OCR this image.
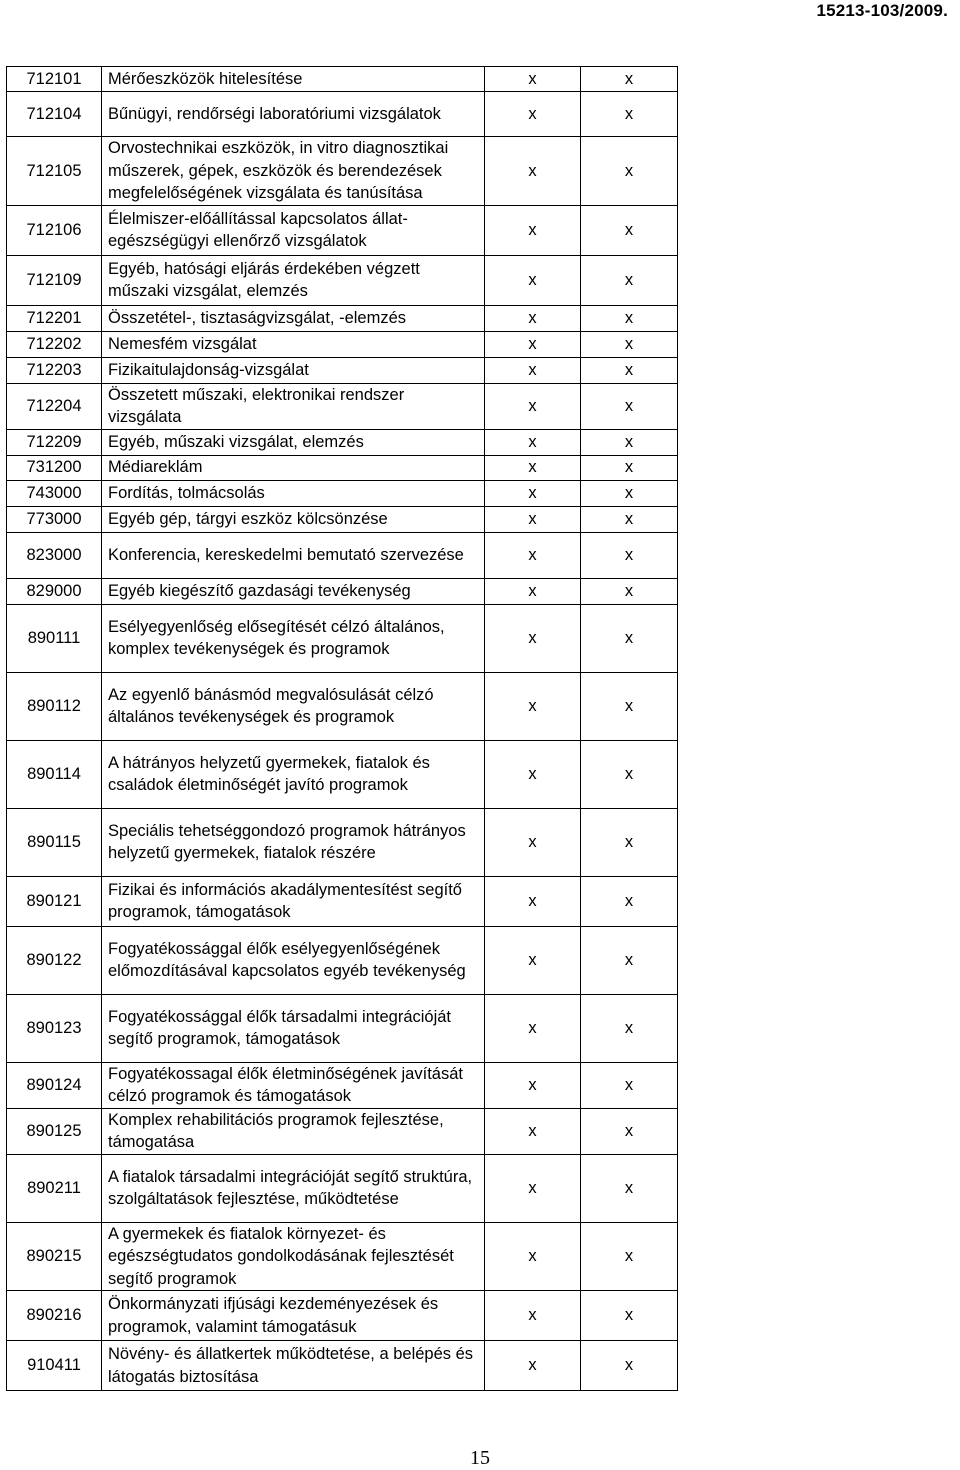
15213-103/2009.
712101	Mérőeszközök hitelesítése	x	x
712104	Bűnügyi, rendőrségi laboratóriumi vizsgálatok	x	x
712105	Orvostechnikai eszközök, in vitro diagnosztikai műszerek, gépek, eszközök és berendezések megfelelőségének vizsgálata és tanúsítása	x	x
712106	Élelmiszer-előállítással kapcsolatos állat-egészségügyi ellenőrző vizsgálatok	x	x
712109	Egyéb, hatósági eljárás érdekében végzett műszaki vizsgálat, elemzés	x	x
712201	Összetétel-, tisztaságvizsgálat, -elemzés	x	x
712202	Nemesfém vizsgálat	x	x
712203	Fizikaitulajdonság-vizsgálat	x	x
712204	Összetett műszaki, elektronikai rendszer vizsgálata	x	x
712209	Egyéb, műszaki vizsgálat, elemzés	x	x
731200	Médiareklám	x	x
743000	Fordítás, tolmácsolás	x	x
773000	Egyéb gép, tárgyi eszköz kölcsönzése	x	x
823000	Konferencia, kereskedelmi bemutató szervezése	x	x
829000	Egyéb kiegészítő gazdasági tevékenység	x	x
890111	Esélyegyenlőség elősegítését célzó általános, komplex tevékenységek és programok	x	x
890112	Az egyenlő bánásmód megvalósulását célzó általános tevékenységek és programok	x	x
890114	A hátrányos helyzetű gyermekek, fiatalok és családok életminőségét javító programok	x	x
890115	Speciális tehetséggondozó programok hátrányos helyzetű gyermekek, fiatalok részére	x	x
890121	Fizikai és információs akadálymentesítést segítő programok, támogatások	x	x
890122	Fogyatékossággal élők esélyegyenlőségének előmozdításával kapcsolatos egyéb tevékenység	x	x
890123	Fogyatékossággal élők társadalmi integrációját segítő programok, támogatások	x	x
890124	Fogyatékossagal élők életminőségének javítását célzó programok és támogatások	x	x
890125	Komplex rehabilitációs programok fejlesztése, támogatása	x	x
890211	A fiatalok társadalmi integrációját segítő struktúra, szolgáltatások fejlesztése, működtetése	x	x
890215	A gyermekek és fiatalok környezet- és egészségtudatos gondolkodásának fejlesztését segítő programok	x	x
890216	Önkormányzati ifjúsági kezdeményezések és programok, valamint támogatásuk	x	x
910411	Növény- és állatkertek működtetése, a belépés és látogatás biztosítása	x	x
15
